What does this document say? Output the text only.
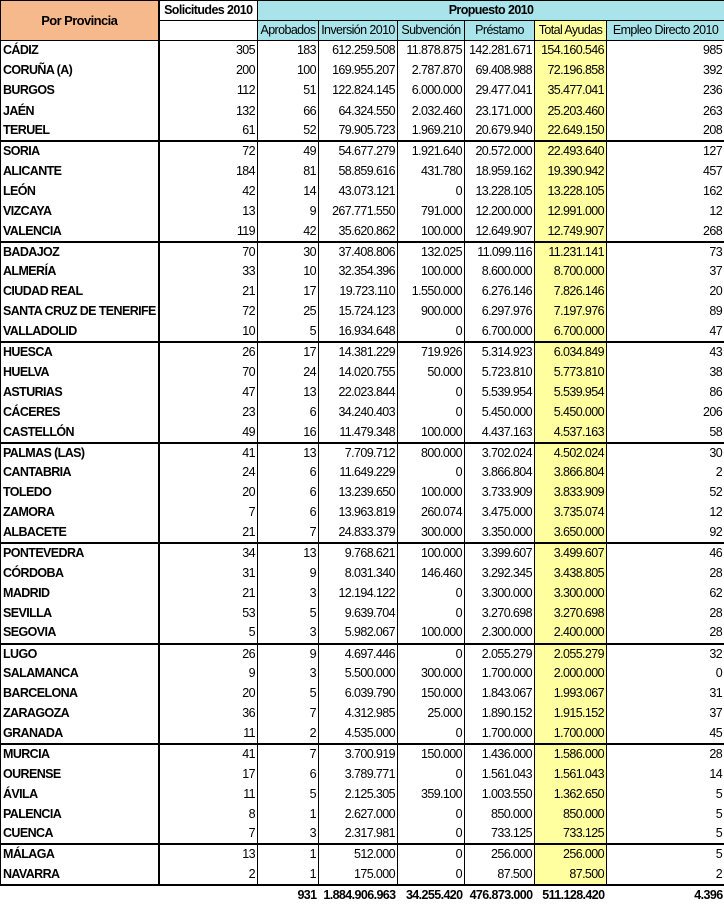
Por Provincia	Solicitudes 2010	Propuesto 2010					
		Aprobados	Inversión 2010	Subvención	Préstamo	Total Ayudas	Empleo Directo 2010
CÁDIZ	305	183	612.259.508	11.878.875	142.281.671	154.160.546	985
CORUÑA (A)	200	100	169.955.207	2.787.870	69.408.988	72.196.858	392
BURGOS	112	51	122.824.145	6.000.000	29.477.041	35.477.041	236
JAÉN	132	66	64.324.550	2.032.460	23.171.000	25.203.460	263
TERUEL	61	52	79.905.723	1.969.210	20.679.940	22.649.150	208
SORIA	72	49	54.677.279	1.921.640	20.572.000	22.493.640	127
ALICANTE	184	81	58.859.616	431.780	18.959.162	19.390.942	457
LEÓN	42	14	43.073.121	0	13.228.105	13.228.105	162
VIZCAYA	13	9	267.771.550	791.000	12.200.000	12.991.000	12
VALENCIA	119	42	35.620.862	100.000	12.649.907	12.749.907	268
BADAJOZ	70	30	37.408.806	132.025	11.099.116	11.231.141	73
ALMERÍA	33	10	32.354.396	100.000	8.600.000	8.700.000	37
CIUDAD REAL	21	17	19.723.110	1.550.000	6.276.146	7.826.146	20
SANTA CRUZ DE TENERIFE	72	25	15.724.123	900.000	6.297.976	7.197.976	89
VALLADOLID	10	5	16.934.648	0	6.700.000	6.700.000	47
HUESCA	26	17	14.381.229	719.926	5.314.923	6.034.849	43
HUELVA	70	24	14.020.755	50.000	5.723.810	5.773.810	38
ASTURIAS	47	13	22.023.844	0	5.539.954	5.539.954	86
CÁCERES	23	6	34.240.403	0	5.450.000	5.450.000	206
CASTELLÓN	49	16	11.479.348	100.000	4.437.163	4.537.163	58
PALMAS (LAS)	41	13	7.709.712	800.000	3.702.024	4.502.024	30
CANTABRIA	24	6	11.649.229	0	3.866.804	3.866.804	2
TOLEDO	20	6	13.239.650	100.000	3.733.909	3.833.909	52
ZAMORA	7	6	13.963.819	260.074	3.475.000	3.735.074	12
ALBACETE	21	7	24.833.379	300.000	3.350.000	3.650.000	92
PONTEVEDRA	34	13	9.768.621	100.000	3.399.607	3.499.607	46
CÓRDOBA	31	9	8.031.340	146.460	3.292.345	3.438.805	28
MADRID	21	3	12.194.122	0	3.300.000	3.300.000	62
SEVILLA	53	5	9.639.704	0	3.270.698	3.270.698	28
SEGOVIA	5	3	5.982.067	100.000	2.300.000	2.400.000	28
LUGO	26	9	4.697.446	0	2.055.279	2.055.279	32
SALAMANCA	9	3	5.500.000	300.000	1.700.000	2.000.000	0
BARCELONA	20	5	6.039.790	150.000	1.843.067	1.993.067	31
ZARAGOZA	36	7	4.312.985	25.000	1.890.152	1.915.152	37
GRANADA	11	2	4.535.000	0	1.700.000	1.700.000	45
MURCIA	41	7	3.700.919	150.000	1.436.000	1.586.000	28
OURENSE	17	6	3.789.771	0	1.561.043	1.561.043	14
ÁVILA	11	5	2.125.305	359.100	1.003.550	1.362.650	5
PALENCIA	8	1	2.627.000	0	850.000	850.000	5
CUENCA	7	3	2.317.981	0	733.125	733.125	5
MÁLAGA	13	1	512.000	0	256.000	256.000	5
NAVARRA	2	1	175.000	0	87.500	87.500	2
		931	1.884.906.963	34.255.420	476.873.000	511.128.420	4.396
